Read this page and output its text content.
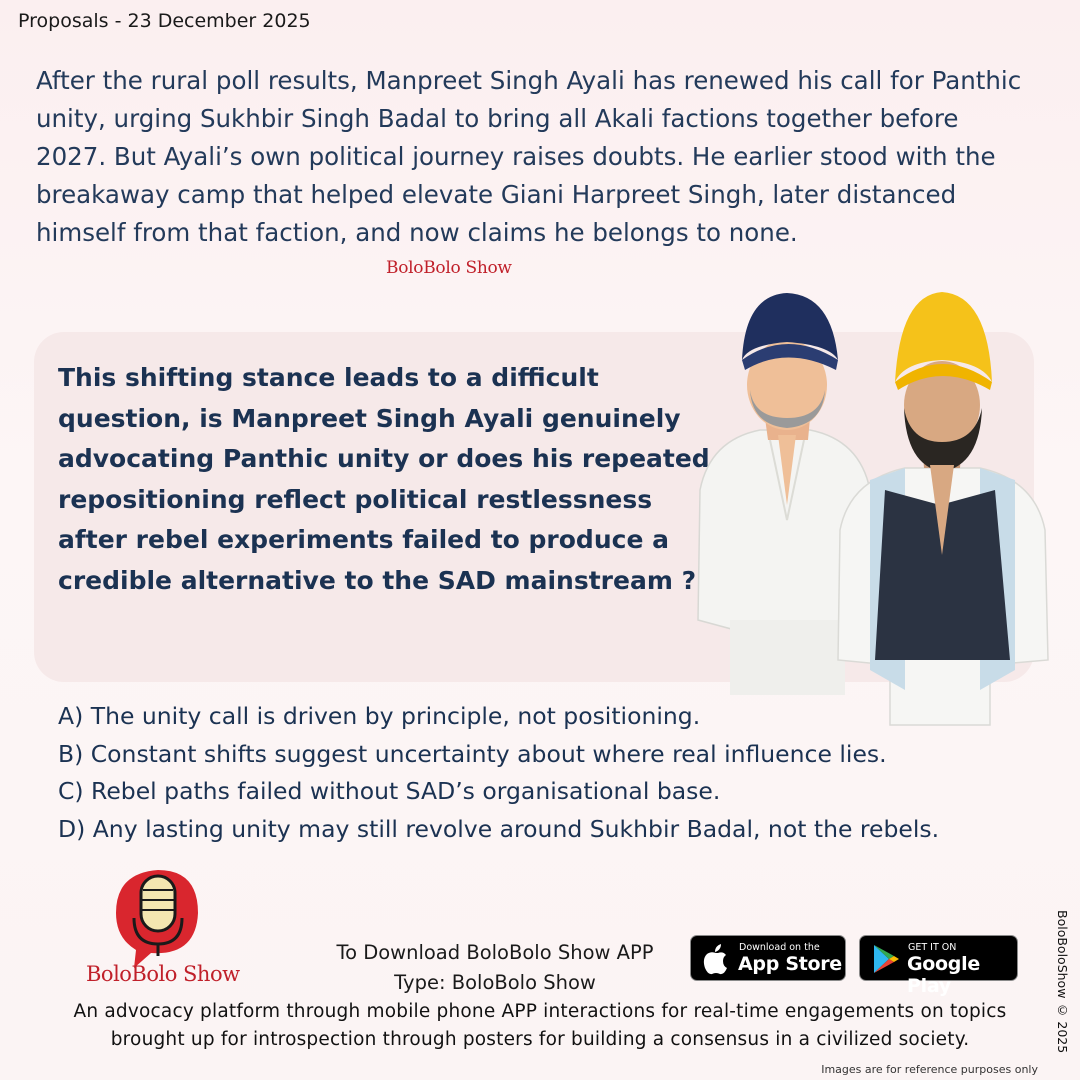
Proposals - 23 December 2025
After the rural poll results, Manpreet Singh Ayali has renewed his call for Panthic unity, urging Sukhbir Singh Badal to bring all Akali factions together before 2027. But Ayali’s own political journey raises doubts. He earlier stood with the breakaway camp that helped elevate Giani Harpreet Singh, later distanced himself from that faction, and now claims he belongs to none.
BoloBolo Show
This shifting stance leads to a difficult question, is Manpreet Singh Ayali genuinely advocating Panthic unity or does his repeated repositioning reflect political restlessness after rebel experiments failed to produce a credible alternative to the SAD mainstream ?
A) The unity call is driven by principle, not positioning.
B) Constant shifts suggest uncertainty about where real influence lies.
C) Rebel paths failed without SAD’s organisational base.
D) Any lasting unity may still revolve around Sukhbir Badal, not the rebels.
BoloBolo Show
To Download BoloBolo Show APP
Type: BoloBolo Show
Download on the
App Store
GET IT ON
Google Play
An advocacy platform through mobile phone APP interactions for real-time engagements on topics
brought up for introspection through posters for building a consensus in a civilized society.	BoloBoloShow © 2025
Images are for reference purposes only
